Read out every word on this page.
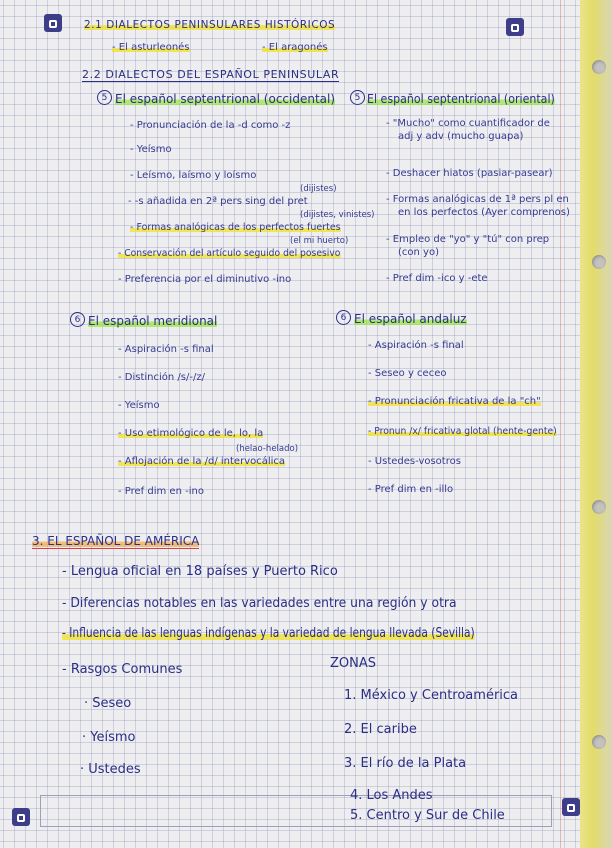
2.1 DIALECTOS PENINSULARES HISTÓRICOS
- El asturleonés	- El aragonés
2.2 DIALECTOS DEL ESPAÑOL PENINSULAR
5 El español septentrional (occidental)
- Pronunciación de la -d como -z
- Yeísmo
- Leísmo, laísmo y loísmo
(dijistes)
- -s añadida en 2ª pers sing del pret
(dijistes, vinistes)
- Formas analógicas de los perfectos fuertes
(el mi huerto)
- Conservación del artículo seguido del posesivo
- Preferencia por el diminutivo -ino
5 El español septentrional (oriental)
- "Mucho" como cuantificador de
adj y adv (mucho guapa)
- Deshacer hiatos (pasiar-pasear)
- Formas analógicas de 1ª pers pl en
en los perfectos (Ayer comprenos)
- Empleo de "yo" y "tú" con prep
(con yo)
- Pref dim -ico y -ete
6 El español meridional
- Aspiración -s final
- Distinción /s/-/z/
- Yeísmo
- Uso etimológico de le, lo, la
(helao-helado)
- Aflojación de la /d/ intervocálica
- Pref dim en -ino
6 El español andaluz
- Aspiración -s final
- Seseo y ceceo
- Pronunciación fricativa de la "ch"
- Pronun /x/ fricativa glotal (hente-gente)
- Ustedes-vosotros
- Pref dim en -illo
3. EL ESPAÑOL DE AMÉRICA
- Lengua oficial en 18 países y Puerto Rico
- Diferencias notables en las variedades entre una región y otra
- Influencia de las lenguas indígenas y la variedad de lengua llevada (Sevilla)
- Rasgos Comunes
· Seseo
· Yeísmo
· Ustedes
ZONAS
1. México y Centroamérica
2. El caribe
3. El río de la Plata
4. Los Andes
5. Centro y Sur de Chile
